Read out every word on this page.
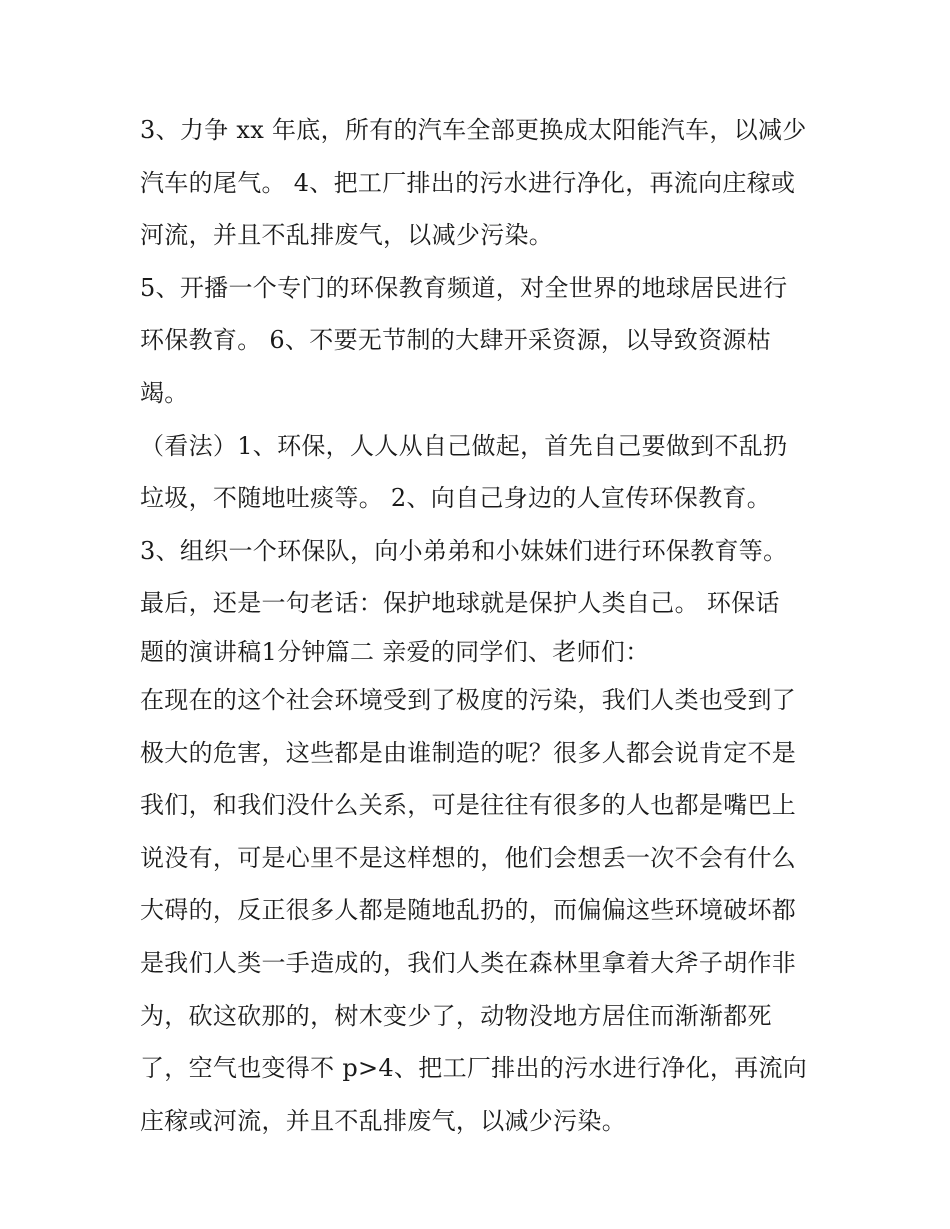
3、力争 xx 年底，所有的汽车全部更换成太阳能汽车，以减少
汽车的尾气。 4、把工厂排出的污水进行净化，再流向庄稼或
河流，并且不乱排废气，以减少污染。
5、开播一个专门的环保教育频道，对全世界的地球居民进行
环保教育。 6、不要无节制的大肆开采资源，以导致资源枯
竭。
（看法）1、环保，人人从自己做起，首先自己要做到不乱扔
垃圾，不随地吐痰等。 2、向自己身边的人宣传环保教育。
3、组织一个环保队，向小弟弟和小妹妹们进行环保教育等。
最后，还是一句老话：保护地球就是保护人类自己。 环保话
题的演讲稿1分钟篇二 亲爱的同学们、老师们：
在现在的这个社会环境受到了极度的污染，我们人类也受到了
极大的危害，这些都是由谁制造的呢？很多人都会说肯定不是
我们，和我们没什么关系，可是往往有很多的人也都是嘴巴上
说没有，可是心里不是这样想的，他们会想丢一次不会有什么
大碍的，反正很多人都是随地乱扔的，而偏偏这些环境破坏都
是我们人类一手造成的，我们人类在森林里拿着大斧子胡作非
为，砍这砍那的，树木变少了，动物没地方居住而渐渐都死
了，空气也变得不 p>4、把工厂排出的污水进行净化，再流向
庄稼或河流，并且不乱排废气，以减少污染。
